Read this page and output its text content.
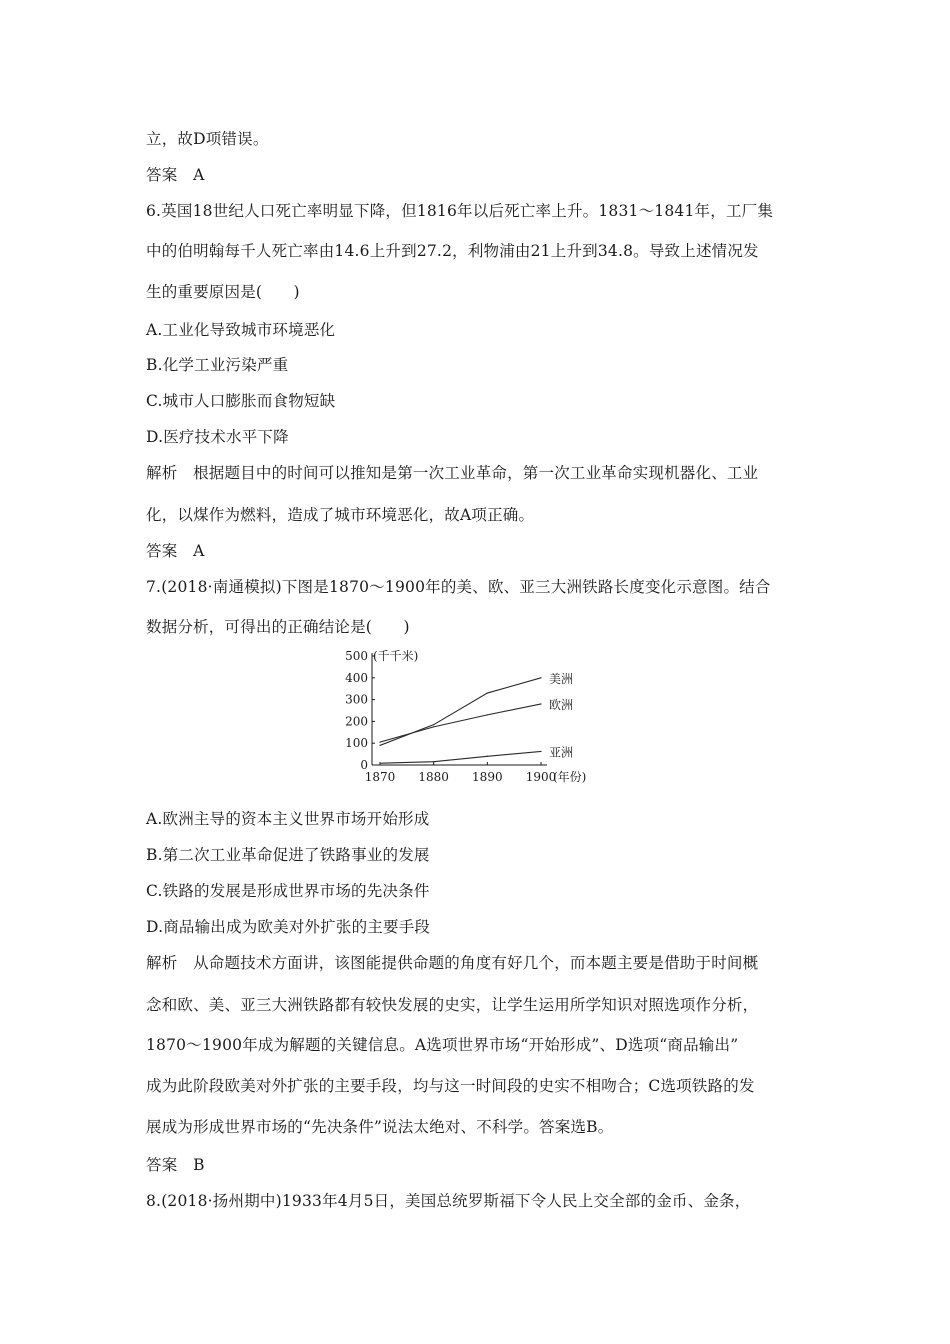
立，故D项错误。
答案　A
6.英国18世纪人口死亡率明显下降，但1816年以后死亡率上升。1831～1841年，工厂集
中的伯明翰每千人死亡率由14.6上升到27.2，利物浦由21上升到34.8。导致上述情况发
生的重要原因是(　　)
A.工业化导致城市环境恶化
B.化学工业污染严重
C.城市人口膨胀而食物短缺
D.医疗技术水平下降
解析　根据题目中的时间可以推知是第一次工业革命，第一次工业革命实现机器化、工业
化，以煤作为燃料，造成了城市环境恶化，故A项正确。
答案　A
7.(2018·南通模拟)下图是1870～1900年的美、欧、亚三大洲铁路长度变化示意图。结合
数据分析，可得出的正确结论是(　　)
0
100
200
300
400
500 (千千米)
1870 1880 1890 1900
(年份)
美洲
欧洲
亚洲
A.欧洲主导的资本主义世界市场开始形成
B.第二次工业革命促进了铁路事业的发展
C.铁路的发展是形成世界市场的先决条件
D.商品输出成为欧美对外扩张的主要手段
解析　从命题技术方面讲，该图能提供命题的角度有好几个，而本题主要是借助于时间概
念和欧、美、亚三大洲铁路都有较快发展的史实，让学生运用所学知识对照选项作分析，
1870～1900年成为解题的关键信息。A选项世界市场“开始形成”、D选项“商品输出”
成为此阶段欧美对外扩张的主要手段，均与这一时间段的史实不相吻合；C选项铁路的发
展成为形成世界市场的“先决条件”说法太绝对、不科学。答案选B。
答案　B
8.(2018·扬州期中)1933年4月5日，美国总统罗斯福下令人民上交全部的金币、金条，
